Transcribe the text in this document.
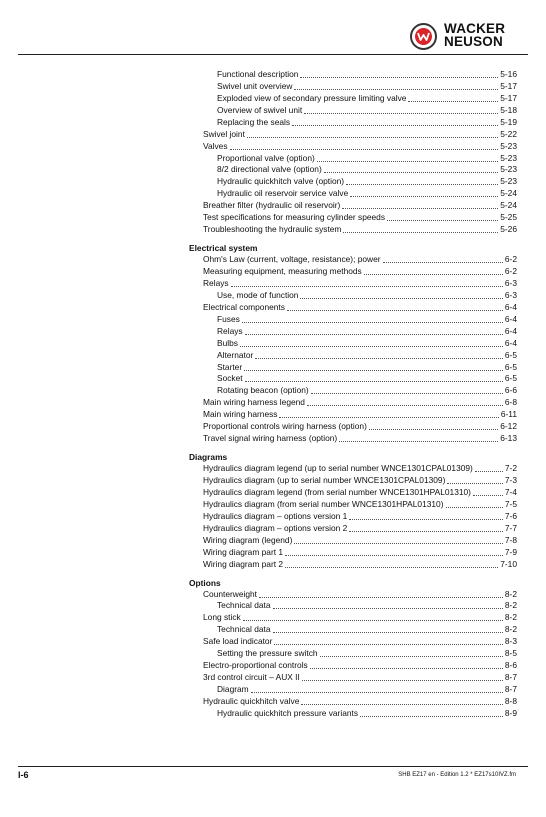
WACKER
NEUSON
Functional description	5-16
Swivel unit overview	5-17
Exploded view of secondary pressure limiting valve	5-17
Overview of swivel unit	5-18
Replacing the seals	5-19
Swivel joint	5-22
Valves	5-23
Proportional valve (option)	5-23
8/2 directional valve (option)	5-23
Hydraulic quickhitch valve (option)	5-23
Hydraulic oil reservoir service valve	5-24
Breather filter (hydraulic oil reservoir)	5-24
Test specifications for measuring cylinder speeds	5-25
Troubleshooting the hydraulic system	5-26
Electrical system
Ohm's Law (current, voltage, resistance); power	6-2
Measuring equipment, measuring methods	6-2
Relays	6-3
Use, mode of function	6-3
Electrical components	6-4
Fuses	6-4
Relays	6-4
Bulbs	6-4
Alternator	6-5
Starter	6-5
Socket	6-5
Rotating beacon (option)	6-6
Main wiring harness legend	6-8
Main wiring harness	6-11
Proportional controls wiring harness (option)	6-12
Travel signal wiring harness (option)	6-13
Diagrams
Hydraulics diagram legend (up to serial number WNCE1301CPAL01309)	7-2
Hydraulics diagram (up to serial number WNCE1301CPAL01309)	7-3
Hydraulics diagram legend (from serial number WNCE1301HPAL01310)	7-4
Hydraulics diagram (from serial number WNCE1301HPAL01310)	7-5
Hydraulics diagram – options version 1	7-6
Hydraulics diagram – options version 2	7-7
Wiring diagram (legend)	7-8
Wiring diagram part 1	7-9
Wiring diagram part 2	7-10
Options
Counterweight	8-2
Technical data	8-2
Long stick	8-2
Technical data	8-2
Safe load indicator	8-3
Setting the pressure switch	8-5
Electro-proportional controls	8-6
3rd control circuit – AUX II	8-7
Diagram	8-7
Hydraulic quickhitch valve	8-8
Hydraulic quickhitch pressure variants	8-9
I-6	SHB EZ17 en - Edition 1.2 * EZ17s10IVZ.fm
